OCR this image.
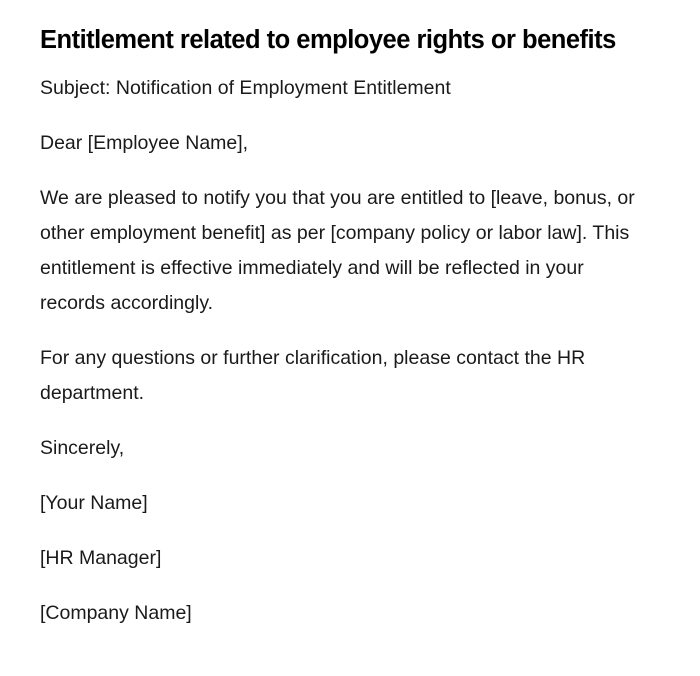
Entitlement related to employee rights or benefits

Subject: Notification of Employment Entitlement

Dear [Employee Name],

We are pleased to notify you that you are entitled to [leave, bonus, or other employment benefit] as per [company policy or labor law]. This entitlement is effective immediately and will be reflected in your records accordingly.

For any questions or further clarification, please contact the HR department.

Sincerely,

[Your Name]

[HR Manager]

[Company Name]
